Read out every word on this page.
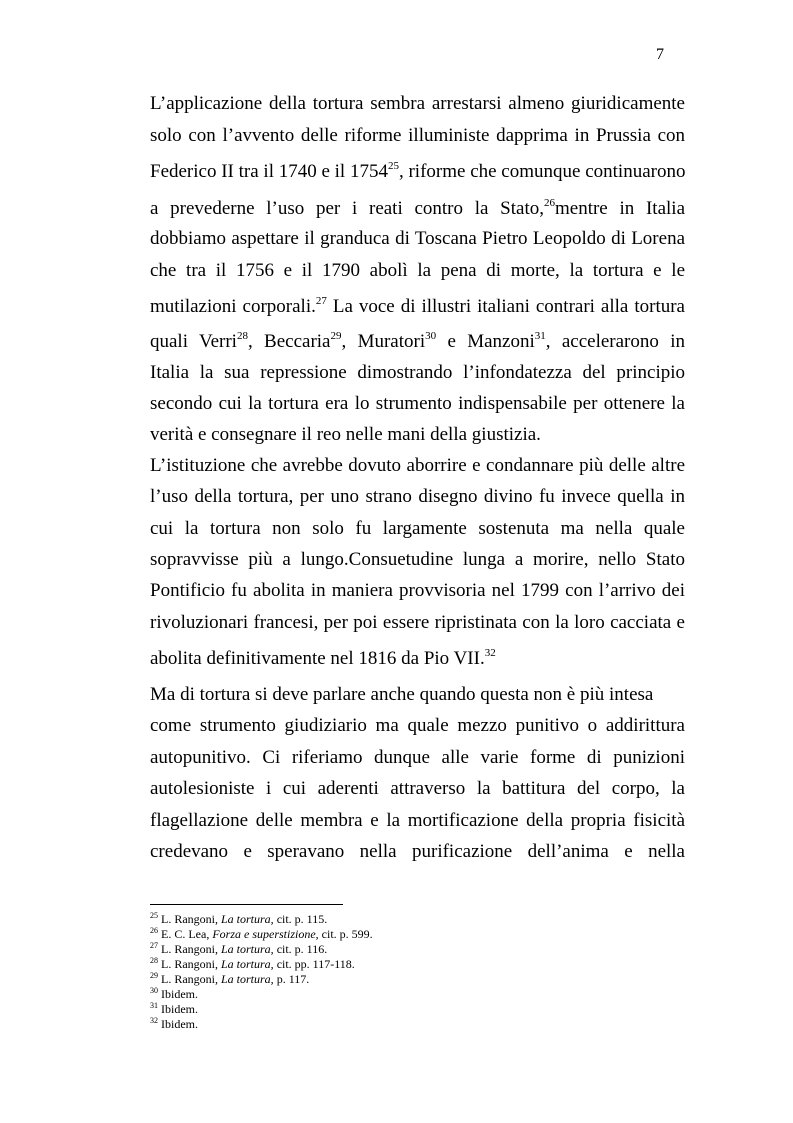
7
L’applicazione della tortura sembra arrestarsi almeno giuridicamente
solo con l’avvento delle riforme illuministe dapprima in Prussia con
Federico II tra il 1740 e il 1754$^{25}$, riforme che comunque continuarono
a prevederne l’uso per i reati contro la Stato,$^{26}$mentre in Italia
dobbiamo aspettare il granduca di Toscana Pietro Leopoldo di Lorena
che tra il 1756 e il 1790 abolì la pena di morte, la tortura e le
mutilazioni corporali.$^{27}$ La voce di illustri italiani contrari alla tortura
quali Verri$^{28}$, Beccaria$^{29}$, Muratori$^{30}$ e Manzoni$^{31}$, accelerarono in
Italia la sua repressione dimostrando l’infondatezza del principio
secondo cui la tortura era lo strumento indispensabile per ottenere la
verità e consegnare il reo nelle mani della giustizia.
L’istituzione che avrebbe dovuto aborrire e condannare più delle altre
l’uso della tortura, per uno strano disegno divino fu invece quella in
cui la tortura non solo fu largamente sostenuta ma nella quale
sopravvisse più a lungo.Consuetudine lunga a morire, nello Stato
Pontificio fu abolita in maniera provvisoria nel 1799 con l’arrivo dei
rivoluzionari francesi, per poi essere ripristinata con la loro cacciata e
abolita definitivamente nel 1816 da Pio VII.$^{32}$
Ma di tortura si deve parlare anche quando questa non è più intesa
come strumento giudiziario ma quale mezzo punitivo o addirittura
autopunitivo. Ci riferiamo dunque alle varie forme di punizioni
autolesioniste i cui aderenti attraverso la battitura del corpo, la
flagellazione delle membra e la mortificazione della propria fisicità
credevano e speravano nella purificazione dell’anima e nella
$^{25}$ L. Rangoni, La tortura, cit. p. 115.
$^{26}$ E. C. Lea, Forza e superstizione, cit. p. 599.
$^{27}$ L. Rangoni, La tortura, cit. p. 116.
$^{28}$ L. Rangoni, La tortura, cit. pp. 117-118.
$^{29}$ L. Rangoni, La tortura, p. 117.
$^{30}$ Ibidem.
$^{31}$ Ibidem.
$^{32}$ Ibidem.
